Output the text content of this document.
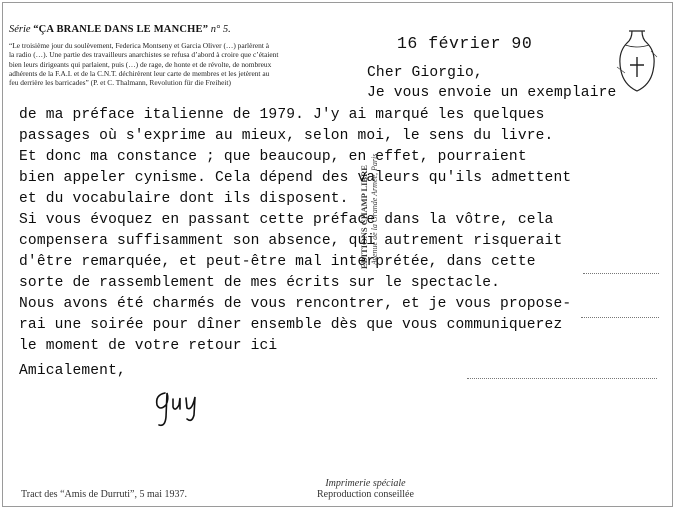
Série “ÇA BRANLE DANS LE MANCHE” n° 5.
“Le troisième jour du soulèvement, Federica Montseny et Garcia Oliver (…) parlèrent à
la radio (…). Une partie des travailleurs anarchistes se refusa d’abord à croire que c’étaient
bien leurs dirigeants qui parlaient, puis (…) de rage, de honte et de révolte, de nombreux
adhérents de la F.A.I. et de la C.N.T. déchirèrent leur carte de membres et les jetèrent au
feu derrière les barricades” (P. et C. Thalmann, Revolution für die Freiheit)
16 février 90
EDITIONS CHAMP LIBRE Avenue de la Grande Armée, Paris
Cher Giorgio,
Je vous envoie un exemplaire
de ma préface italienne de 1979. J'y ai marqué les quelques
passages où s'exprime au mieux, selon moi, le sens du livre.
Et donc ma constance ; que beaucoup, en effet, pourraient
bien appeler cynisme. Cela dépend des valeurs qu'ils admettent
et du vocabulaire dont ils disposent.
Si vous évoquez en passant cette préface dans la vôtre, cela
compensera suffisamment son absence, qui autrement risquerait
d'être remarquée, et peut-être mal interprétée, dans cette
sorte de rassemblement de mes écrits sur le spectacle.
Nous avons été charmés de vous rencontrer, et je vous propose-
rai une soirée pour dîner ensemble dès que vous communiquerez
le moment de votre retour ici
Amicalement,
Tract des “Amis de Durruti”, 5 mai 1937.
Imprimerie spéciale
Reproduction conseillée
